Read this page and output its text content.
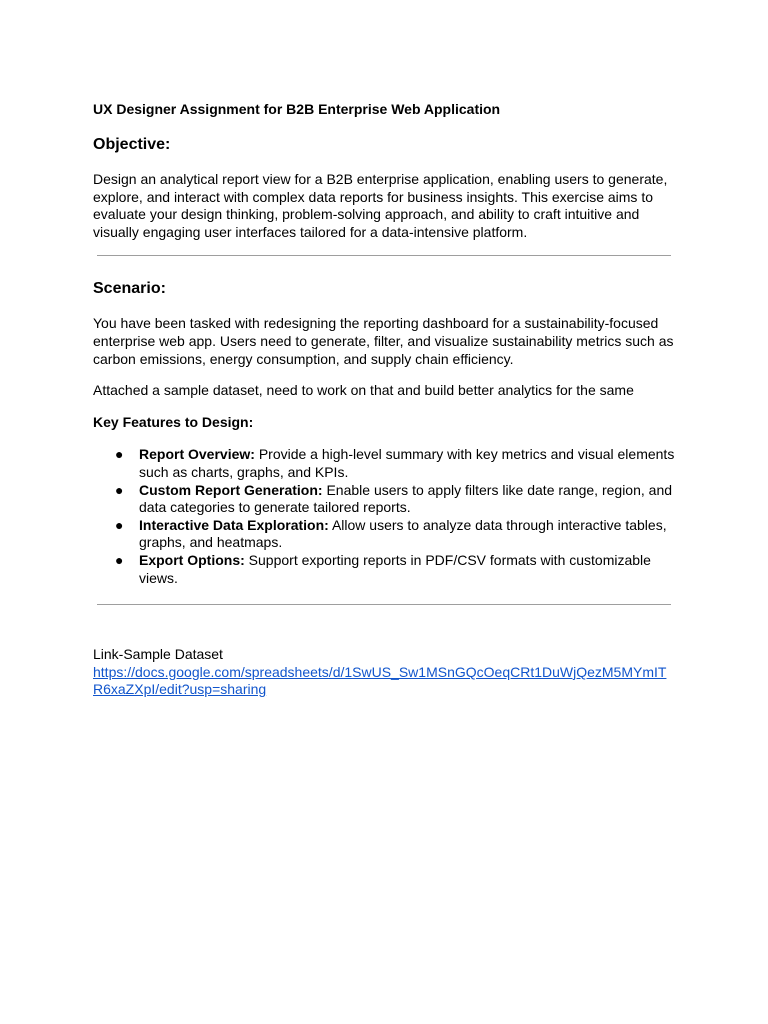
UX Designer Assignment for B2B Enterprise Web Application
Objective:

Design an analytical report view for a B2B enterprise application, enabling users to generate, explore, and interact with complex data reports for business insights. This exercise aims to evaluate your design thinking, problem-solving approach, and ability to craft intuitive and visually engaging user interfaces tailored for a data-intensive platform.

Scenario:

You have been tasked with redesigning the reporting dashboard for a sustainability-focused enterprise web app. Users need to generate, filter, and visualize sustainability metrics such as carbon emissions, energy consumption, and supply chain efficiency.

Attached a sample dataset, need to work on that and build better analytics for the same

Key Features to Design:
● Report Overview: Provide a high-level summary with key metrics and visual elements such as charts, graphs, and KPIs.
● Custom Report Generation: Enable users to apply filters like date range, region, and data categories to generate tailored reports.
● Interactive Data Exploration: Allow users to analyze data through interactive tables, graphs, and heatmaps.
● Export Options: Support exporting reports in PDF/CSV formats with customizable views.
Link-Sample Dataset
https://docs.google.com/spreadsheets/d/1SwUS_Sw1MSnGQcOeqCRt1DuWjQezM5MYmITR6xaZXpI/edit?usp=sharing
